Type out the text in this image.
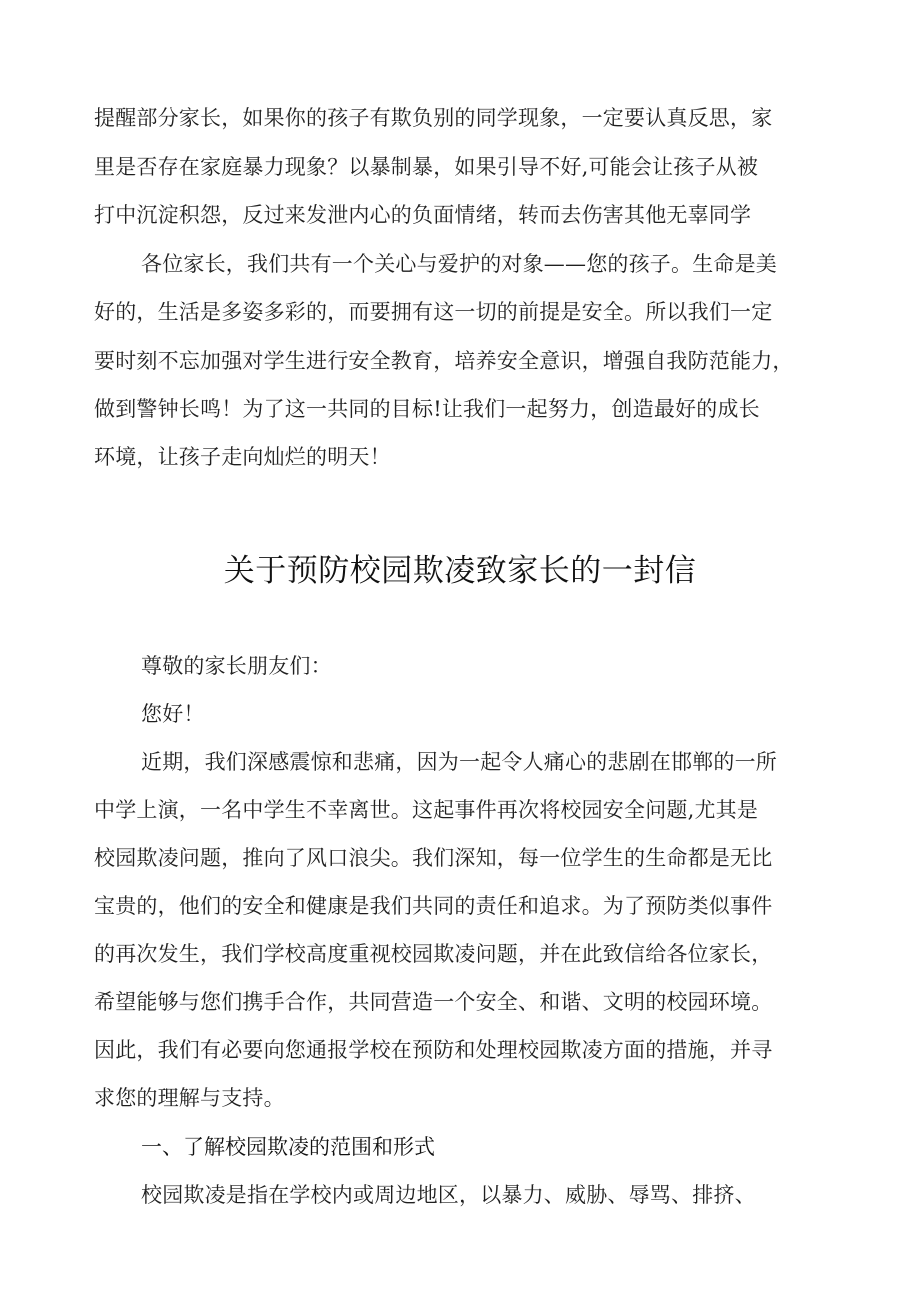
提醒部分家长，如果你的孩子有欺负别的同学现象，一定要认真反思，家
里是否存在家庭暴力现象？以暴制暴，如果引导不好,可能会让孩子从被
打中沉淀积怨，反过来发泄内心的负面情绪，转而去伤害其他无辜同学
各位家长，我们共有一个关心与爱护的对象——您的孩子。生命是美
好的，生活是多姿多彩的，而要拥有这一切的前提是安全。所以我们一定
要时刻不忘加强对学生进行安全教育，培养安全意识，增强自我防范能力，
做到警钟长鸣！为了这一共同的目标!让我们一起努力，创造最好的成长
环境，让孩子走向灿烂的明天！
关于预防校园欺凌致家长的一封信
尊敬的家长朋友们：
您好！
近期，我们深感震惊和悲痛，因为一起令人痛心的悲剧在邯郸的一所
中学上演，一名中学生不幸离世。这起事件再次将校园安全问题,尤其是
校园欺凌问题，推向了风口浪尖。我们深知，每一位学生的生命都是无比
宝贵的，他们的安全和健康是我们共同的责任和追求。为了预防类似事件
的再次发生，我们学校高度重视校园欺凌问题，并在此致信给各位家长，
希望能够与您们携手合作，共同营造一个安全、和谐、文明的校园环境。
因此，我们有必要向您通报学校在预防和处理校园欺凌方面的措施，并寻
求您的理解与支持。
一、了解校园欺凌的范围和形式
校园欺凌是指在学校内或周边地区，以暴力、威胁、辱骂、排挤、
